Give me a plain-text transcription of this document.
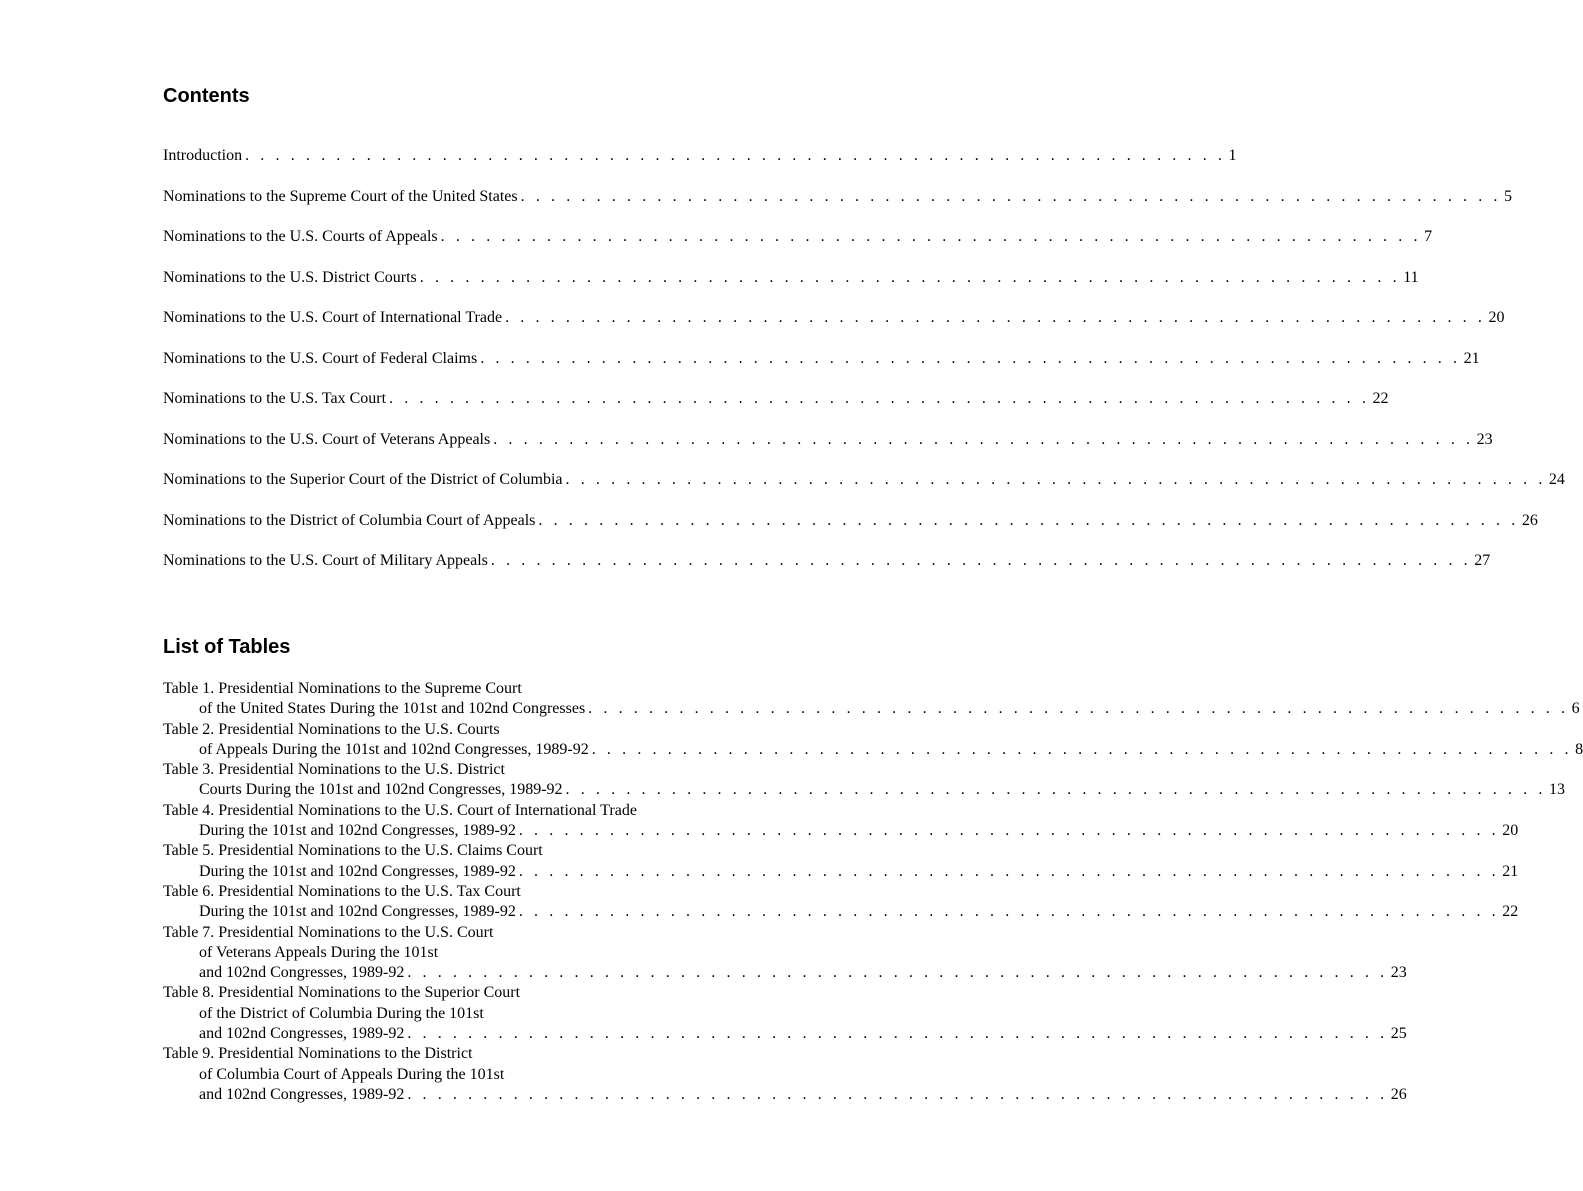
Contents
Introduction . . . . . . . . . . . . . . . . . . . . . . . . . . . . . . . . . . . . . . . . . . . . . . . . . . . . . . . . . . . . . . . . . 1
Nominations to the Supreme Court of the United States . . . . . . . . . . . . . . . . . . . . . . . . . . . . . . . . . . . . . . . . . . . . . . . . . . . . . . . . . . . . . . . . . 5
Nominations to the U.S. Courts of Appeals . . . . . . . . . . . . . . . . . . . . . . . . . . . . . . . . . . . . . . . . . . . . . . . . . . . . . . . . . . . . . . . . . 7
Nominations to the U.S. District Courts . . . . . . . . . . . . . . . . . . . . . . . . . . . . . . . . . . . . . . . . . . . . . . . . . . . . . . . . . . . . . . . . . 11
Nominations to the U.S. Court of International Trade . . . . . . . . . . . . . . . . . . . . . . . . . . . . . . . . . . . . . . . . . . . . . . . . . . . . . . . . . . . . . . . . . 20
Nominations to the U.S. Court of Federal Claims . . . . . . . . . . . . . . . . . . . . . . . . . . . . . . . . . . . . . . . . . . . . . . . . . . . . . . . . . . . . . . . . . 21
Nominations to the U.S. Tax Court . . . . . . . . . . . . . . . . . . . . . . . . . . . . . . . . . . . . . . . . . . . . . . . . . . . . . . . . . . . . . . . . . 22
Nominations to the U.S. Court of Veterans Appeals . . . . . . . . . . . . . . . . . . . . . . . . . . . . . . . . . . . . . . . . . . . . . . . . . . . . . . . . . . . . . . . . . 23
Nominations to the Superior Court of the District of Columbia . . . . . . . . . . . . . . . . . . . . . . . . . . . . . . . . . . . . . . . . . . . . . . . . . . . . . . . . . . . . . . . . . 24
Nominations to the District of Columbia Court of Appeals . . . . . . . . . . . . . . . . . . . . . . . . . . . . . . . . . . . . . . . . . . . . . . . . . . . . . . . . . . . . . . . . . 26
Nominations to the U.S. Court of Military Appeals . . . . . . . . . . . . . . . . . . . . . . . . . . . . . . . . . . . . . . . . . . . . . . . . . . . . . . . . . . . . . . . . . 27
List of Tables
Table 1. Presidential Nominations to the Supreme Court
of the United States During the 101st and 102nd Congresses . . . . . . . . . . . . . . . . . . . . . . . . . . . . . . . . . . . . . . . . . . . . . . . . . . . . . . . . . . . . . . . . . 6
Table 2. Presidential Nominations to the U.S. Courts
of Appeals During the 101st and 102nd Congresses, 1989-92 . . . . . . . . . . . . . . . . . . . . . . . . . . . . . . . . . . . . . . . . . . . . . . . . . . . . . . . . . . . . . . . . . 8
Table 3. Presidential Nominations to the U.S. District
Courts During the 101st and 102nd Congresses, 1989-92 . . . . . . . . . . . . . . . . . . . . . . . . . . . . . . . . . . . . . . . . . . . . . . . . . . . . . . . . . . . . . . . . . 13
Table 4. Presidential Nominations to the U.S. Court of International Trade
During the 101st and 102nd Congresses, 1989-92 . . . . . . . . . . . . . . . . . . . . . . . . . . . . . . . . . . . . . . . . . . . . . . . . . . . . . . . . . . . . . . . . . 20
Table 5. Presidential Nominations to the U.S. Claims Court
During the 101st and 102nd Congresses, 1989-92 . . . . . . . . . . . . . . . . . . . . . . . . . . . . . . . . . . . . . . . . . . . . . . . . . . . . . . . . . . . . . . . . . 21
Table 6. Presidential Nominations to the U.S. Tax Court
During the 101st and 102nd Congresses, 1989-92 . . . . . . . . . . . . . . . . . . . . . . . . . . . . . . . . . . . . . . . . . . . . . . . . . . . . . . . . . . . . . . . . . 22
Table 7. Presidential Nominations to the U.S. Court
of Veterans Appeals During the 101st
and 102nd Congresses, 1989-92 . . . . . . . . . . . . . . . . . . . . . . . . . . . . . . . . . . . . . . . . . . . . . . . . . . . . . . . . . . . . . . . . . 23
Table 8. Presidential Nominations to the Superior Court
of the District of Columbia During the 101st
and 102nd Congresses, 1989-92 . . . . . . . . . . . . . . . . . . . . . . . . . . . . . . . . . . . . . . . . . . . . . . . . . . . . . . . . . . . . . . . . . 25
Table 9. Presidential Nominations to the District
of Columbia Court of Appeals During the 101st
and 102nd Congresses, 1989-92 . . . . . . . . . . . . . . . . . . . . . . . . . . . . . . . . . . . . . . . . . . . . . . . . . . . . . . . . . . . . . . . . . 26
